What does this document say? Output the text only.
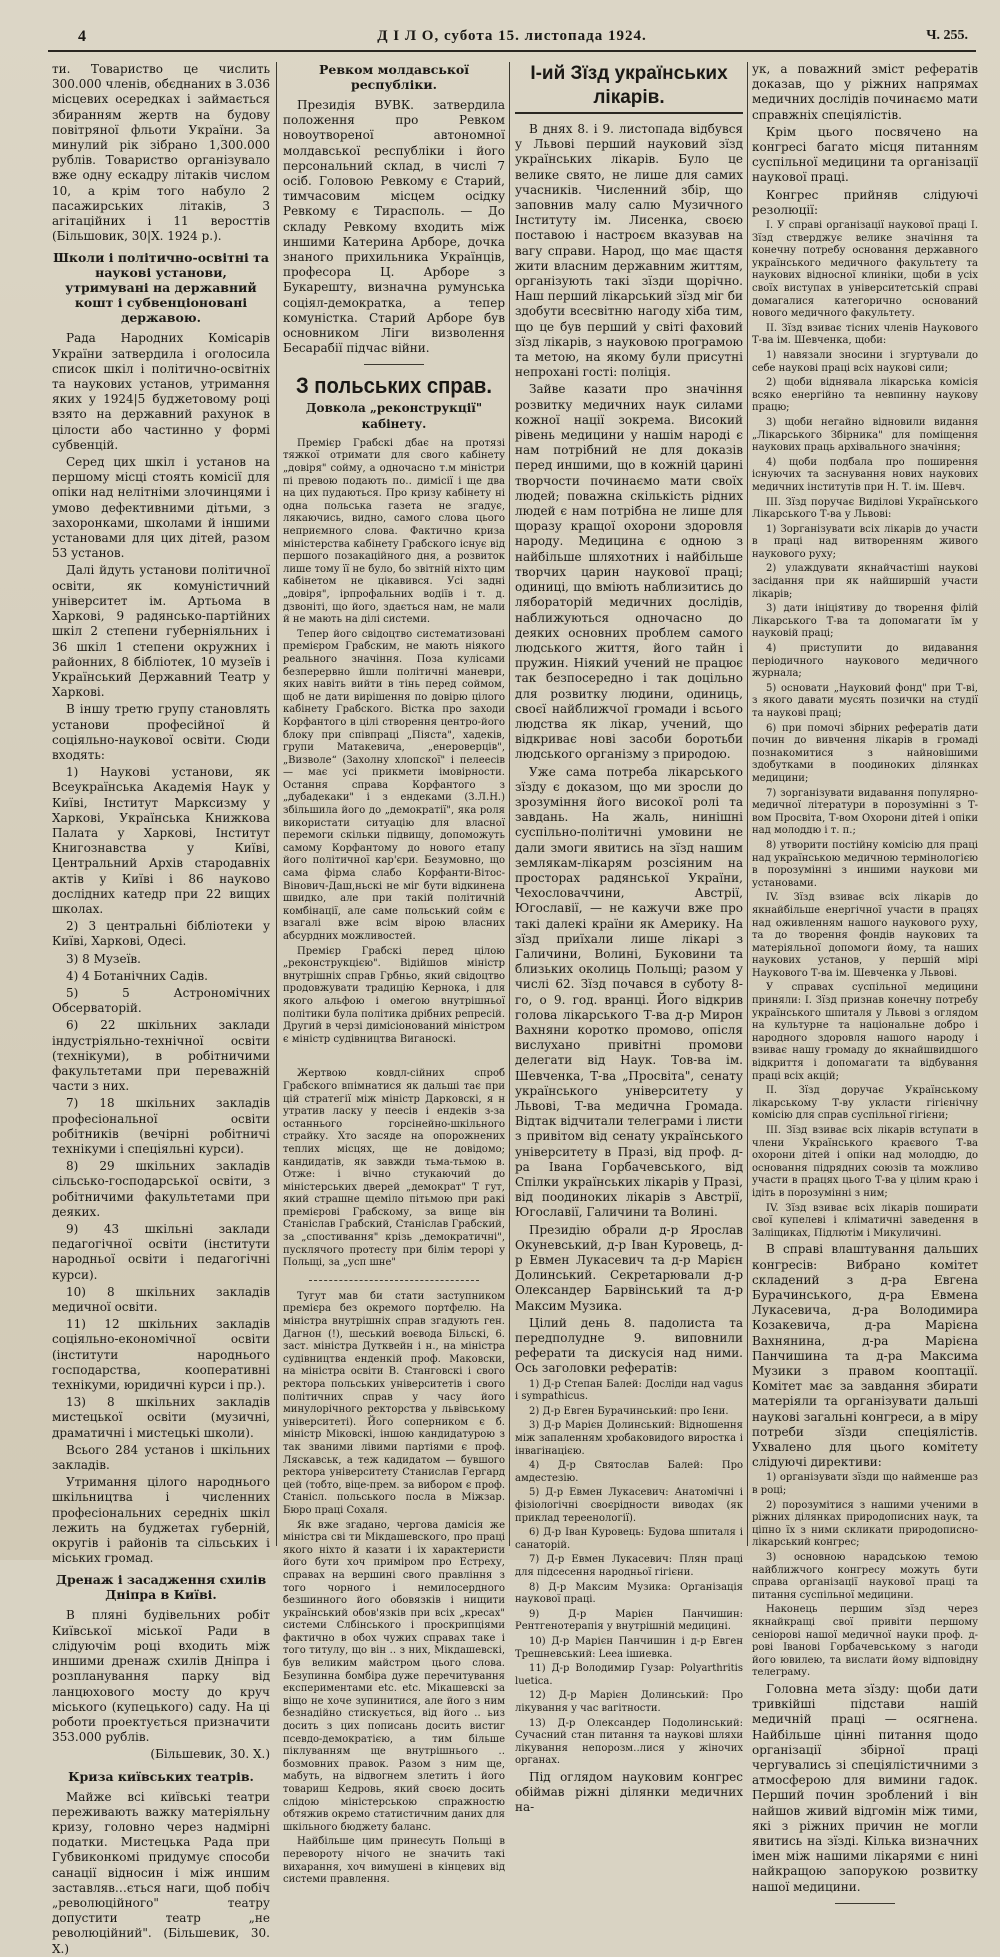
4	Д І Л О, субота 15. листопада 1924.	Ч. 255.

ти. Товариство це числить 300.000 членів, обєднаних в 3.036 місцевих осередках і займається збиранням жертв на будову повітряної фльоти України. За минулий рік зібрано 1,300.000 рублів. Товариство організувало вже одну ескадру літаків числом 10, а крім того набуло 2 пасажирських літаків, 3 агітаційних і 11 веросттів (Більшовик, 30|X. 1924 р.).

Школи і політично-освітні та наукові установи, утримувані на державний кошт і субвенціоновані державою.

Рада Народних Комісарів України затвердила і оголосила список шкіл і політично-освітніх та наукових установ, утримання яких у 1924|5 буджетовому році взято на державний рахунок в цілости або частинно у формі субвенцій.

Серед цих шкіл і установ на першому місці стоять комісії для опіки над нелітніми злочинцями і умово дефективними дітьми, з захоронками, школами й іншими установами для цих дітей, разом 53 установ.

Далі йдуть установи політичної освіти, як комуністичний університет ім. Артьома в Харкові, 9 радянсько-партійних шкіл 2 степени губерніяльних і 36 шкіл 1 степени окружних і районних, 8 бібліотек, 10 музеїв і Український Державний Театр у Харкові.

В іншу третю групу становлять установи професійної й соціяльно-наукової освіти. Сюди входять:

1) Наукові установи, як Всеукраїнська Академія Наук у Київі, Інститут Марксизму у Харкові, Українська Книжкова Палата у Харкові, Інститут Книгознавства у Київі, Центральний Архів стародавніх актів у Київі і 86 науково дослідних катедр при 22 вищих школах.

2) 3 центральні бібліотеки у Київі, Харкові, Одесі.

3) 8 Музеїв.

4) 4 Ботанічних Садів.

5) 5 Астрономічних Обсерваторій.

6) 22 шкільних заклади індустріяльно-технічної освіти (технікуми), в робітничими факультетами при переважній части з них.

7) 18 шкільних закладів професіональної освіти робітників (вечірні робітничі технікуми і спеціяльні курси).

8) 29 шкільних закладів сільсько-господарської освіти, з робітничими факультетами при деяких.

9) 43 шкільні заклади педагогічної освіти (інститути народньої освіти і педагогічні курси).

10) 8 шкільних закладів медичної освіти.

11) 12 шкільних закладів соціяльно-економічної освіти (інститути народнього господарства, кооперативні технікуми, юридичні курси і пр.).

13) 8 шкільних закладів мистецької освіти (музичні, драматичні і мистецькі школи).

Всього 284 установ і шкільних закладів.

Утримання цілого народнього шкільництва і численних професіональних середніх шкіл лежить на буджетах губерній, округів і районів та сільських і міських громад.

Дренаж і засадження схилів Дніпра в Київі.

В пляні будівельних робіт Київської міської Ради в слідуючім році входить між иншими дренаж схилів Дніпра і розпланування парку від ланцюхового мосту до круч міського (купецького) саду. На ці роботи проектується призначити 353.000 рублів.

(Більшевик, 30. X.)

Криза київських театрів.

Майже всі київські театри переживають важку матеріяльну кризу, головно через надмірні податки. Мистецька Рада при Губвиконкомі придумує способи санації відносин і між иншим заставляв…ється наги, щоб побіч „революційного" театру допустити театр „не революційний". (Більшевик, 30. X.)

Ревком молдавської республіки.

Президія ВУВК. затвердила положення про Ревком новоутвореної автономної молдавської республіки і його персональний склад, в числі 7 осіб. Головою Ревкому є Старий, тимчасовим місцем осідку Ревкому є Тирасполь. — До складу Ревкому входить між иншими Катерина Арборе, дочка знаного прихильника Українців, професора Ц. Арборе з Букарешту, визначна румунська соціял-демократка, а тепер комуністка. Старий Арборе був основником Ліги визволення Бесарабії підчас війни.

З польських справ.
Довкола „реконструкції" кабінету.

Премієр Грабскі дбає на протязі тяжкої отримати для свого кабінету „довіря" сойму, а одночасно т.м міністри пі превою подають по‥ димісії і ще два на цих пудаються. Про кризу кабінету ні одна польська газета не згадує, лякаючись, видно, самого слова цього неприємного слова. Фактично криза міністерства кабінету Грабского існує від першого позакаційного дня, а розвиток лише тому її не було, бо звітній ніхто цим кабінетом не цікавився. Усі задні „довіря", ірпрофальних водіїв і т. д. дзвоніті, що його, здається нам, не мали й не мають на ділі системи.

Тепер його свідоцтво систематизовані премієром Грабским, не мають ніякого реального значіння. Поза кулісами безперервно йшли політичні маневри, яких навіть вийти в тінь перед соймом, щоб не дати вирішення по довірю цілого кабінету Грабского. Вістка про заходи Корфантого в цілі створення центро-його блоку при співпраці „Піяста", хадеків, групи Матакевича, „енероверців", „Визволе“ (Захолну хлопскої" і пелеесів — має усі прикмети імовірности. Остання справа Корфантого з „дубадекаки" і з ендеками (З.Л.Н.) збільшила його до „демократії", яка роля використати ситуацію для власної перемоги скільки підвищу, допоможуть самому Корфантому до нового етапу його політичної кар'єри. Безумовно, що сама фірма слабо Корфанти-Вітос-Вінович-Даш,ньскі не міг бути відкинена швидко, але при такій політичній комбінації, але саме польський сойм є взагалі вже всім вірою власних абсурдних можливостей.

Премієр Грабскі перед цілою „реконструкцією". Відійшов міністр внутрішніх справ Грбньо, який свідоцтво продовжувати традицію Кернока, і для якого альфою і омегою внутрішньої політики була політика дрібних репресій. Другий в черзі димісіонований міністром є міністр судівництва Виганоскі.

Жертвою ковдл-сійних спроб Грабского впімнатися як дальші тає при цій стратегії між міністр Дарковскі, я н утратив ласку у пеесів і ендеків з-за останнього горсінейно-шкільного страйку. Хто засяде на опорожнених теплих місцях, ще не довідомо; кандидатів, як завжди тьма-тьмою в. Отже: і вічно стукаючий до міністерських дверей „демократ" Т гут, який страшне щеміло пітьмою при ракі премієрові Грабскому, за вище він Станіслав Грабский, Станіслав Грабский, за „спостивання" крізь „демократичні", пусклячого протесту при білім терорі у Польщі, за „усп шне"

Тугут мав би стати заступником премієра без окремого портфелю. На міністра внутрішніх справ згадують ген. Дагнон (!), шеський воєвода Більскі, 6. заст. міністра Дутквейн і н., на міністра судівництва енденкій проф. Маковски, на міністра освіти В. Станговскі і свого ректора польських університетів і свого політичних справ у часу його минулорічного ректорства у львівському університеті). Його соперником є б. міністр Міковскі, іншою кандидатурою з так званими лівими партіями є проф. Ляскавськ, а теж кадидатом — бувшого ректора університету Станислав Гергард цей (тобто, віце-прем. за вибором є проф. Станісл. польського посла в Міжзар. Бюро праці Сохаля.

Як вже згадано, чергова дамісія же міністра сві ти Мікдашевского, про праці якого ніхто й казати і іх характеристи його бути хоч приміром про Естреху, справах на вершині свого правління з того чорного і немилосердного безшинного його обовязків і нищити український обов'язків при всіх „кресах" системи Слбінського і проскрипціями фактично в обох чужих справах таке і того титулу, що він ‥ з них, Мікдашевскі, був великим майстром цього слова. Безупинна бомбіра дуже перечитування експериментами etc. etc. Мікашевскі за віщо не хоче зупинитися, але його з ним безнадійно стискується, від його ‥ ьиз досить з цих пописань досить вистиг псевдо-демократією, а тим більше піклуванням ще внутрішнього ‥ бозмовних правок. Разом з ним ще, мабуть, на відвогнем злетить і його товариш Кедровь, який своєю досить слідою міністерською спражностю обтяжив окремо статистичним даних для шкільного бюджету баланс.

Найбільше цим принесуть Польщі в перевороту нічого не значить такі вихарання, хоч вимушені в кінцевих від системи правлення.

І-ий Зїзд українських лікарів.

В днях 8. і 9. листопада відбувся у Львові перший науковий зїзд українських лікарів. Було це велике свято, не лише для самих учасників. Численний збір, що заповнив малу салю Музичного Інституту ім. Лисенка, своєю поставою і настроєм вказував на вагу справи. Народ, що має щастя жити власним державним життям, організують такі зїзди щорічно. Наш перший лікарський зїзд міг би здобути всесвітню нагоду хіба тим, що це був перший у світі фаховий зїзд лікарів, з науковою програмою та метою, на якому були присутні непрохані гості: поліція.

Зайве казати про значіння розвитку медичних наук силами кожної нації зокрема. Високий рівень медицини у нашім народі є нам потрібний не для доказів перед иншими, що в кожній царині творчости починаємо мати своїх людей; поважна скількість рідних людей є нам потрібна не лише для щоразу кращої охорони здоровля народу. Медицина є одною з найбільше шляхотних і найбільше творчих царин наукової праці; одиниці, що вміють наблизитись до лябораторій медичних дослідів, наближуються одночасно до деяких основних проблем самого людського життя, його тайн і пружин. Ніякий учений не працює так безпосередно і так доцільно для розвитку людини, одиниць, своєї найближчої громади і всього людства як лікар, учений, що відкриває нові засоби боротьби людського організму з природою.

Уже сама потреба лікарського зїзду є доказом, що ми зросли до зрозуміння його високої ролі та завдань. На жаль, нинішні суспільно-політичні умовини не дали змоги явитись на зїзд нашим землякам-лікарям розсіяним на просторах радянської України, Чехословаччини, Австрії, Югославії, — не кажучи вже про такі далекі країни як Америку. На зїзд приїхали лише лікарі з Галичини, Волині, Буковини та близьких околиць Польщі; разом у числі 62. Зїзд почався в суботу 8-го, о 9. год. вранці. Його відкрив голова лікарського Т-ва д-р Мирон Вахняни коротко промово, опісля вислухано привітні промови делегати від Наук. Тов-ва ім. Шевченка, Т-ва „Просвіта", сенату українського університету у Львові, Т-ва медична Громада. Відтак відчитали телеграми і листи з привітом від сенату українського університету в Празі, від проф. д-ра Івана Горбачевського, від Спілки українських лікарів у Празі, від поодиноких лікарів з Австрії, Югославії, Галичини та Волині.

Президію обрали д-р Ярослав Окуневський, д-р Іван Куровець, д-р Евмен Лукасевич та д-р Марієн Долинський. Секретарювали д-р Олександер Барвінський та д-р Максим Музика.

Цілий день 8. падолиста та передполудне 9. виповнили реферати та дискусія над ними. Ось заголовки рефератів:

1) Д-р Степан Балей: Досліди над vagus і sympathicus.

2) Д-р Евген Бурачинський: про Ієни.

3) Д-р Марієн Долинський: Відношення між запаленням хробаковидого виростка і інвагінацією.

4) Д-р Святослав Балей: Про амдестезію.

5) Д-р Евмен Лукасевич: Анатомічні і фізіологічні своєрідности виводах (як приклад тереенології).

6) Д-р Іван Куровець: Будова шпиталя і санаторій.

7) Д-р Евмен Лукасевич: Плян праці для підсесення народньої гігієни.

8) Д-р Максим Музика: Організація наукової праці.

9) Д-р Марієн Панчишин: Рентгенотерапія у внутрішній медицині.

10) Д-р Марієн Панчишин і д-р Евген Трешневський: Leea ішиевка.

11) Д-р Володимир Гузар: Polyarthritis luetica.

12) Д-р Марієн Долинський: Про лікування у час вагітности.

13) Д-р Олександер Подолинський: Сучасний стан питання та наукові шляхи лікування непорозм‥лися у жіночих органах.

Під оглядом науковим конгрес обіймав ріжні ділянки медичних на-

ук, а поважний зміст рефератів доказав, що у ріжних напрямах медичних дослідів починаємо мати справжніх спеціялістів.

Крім цього посвячено на конгресі багато місця питанням суспільної медицини та організації наукової праці.

Конгрес прийняв слідуючі резолюції:

І. У справі організації наукової праці І. Зїзд стверджує велике значіння та конечну потребу основання державного українського медичного факультету та наукових відносної клиніки, щоби в усіх своїх виступах в університетській справі домагалися категорично оснований нового медичного факультету.

ІІ. Зїзд взиває тісних членів Наукового Т-ва ім. Шевченка, щоби:

1) навязали зносини і згуртували до себе наукові праці всіх наукові сили;

2) щоби віднявала лікарська комісія всяко енергійно та невпинну наукову працю;

3) щоби негайно відновили видання „Лікарського Збірника" для поміщення наукових праць архівального значіння;

4) щоби подбала про поширення існуючих та заснування нових наукових медичних інститутів при Н. Т. ім. Шевч.

ІІІ. Зїзд поручає Виділові Українського Лікарського Т-ва у Львові:

1) Зорганізувати всіх лікарів до участи в праці над витворенням живого наукового руху;

2) улаждувати якнайчастіші наукові засідання при як найширшій участи лікарів;

3) дати ініціятиву до творення філій Лікарського Т-ва та допомагати їм у науковій праці;

4) приступити до видавання періодичного наукового медичного журнала;

5) основати „Науковий фонд" при Т-ві, з якого давати мусять позички на студії та наукові праці;

6) при помочі збірних рефератів дати почин до вивчення лікарів в громаді познакомитися з найновішими здобутками в поодиноких ділянках медицини;

7) зорганізувати видавання популярно-медичної літератури в порозумінні з Т-вом Просвіта, Т-вом Охорони дітей і опіки над молоддю і т. п.;

8) утворити постійну комісію для праці над українською медичною термінологією в порозумінні з иншими наукови ми установами.

IV. Зїзд взиває всіх лікарів до якнайбільше енергічної участи в працях над оживленням нашого наукового руху, та до творення фондів наукових та матеріяльної допомоги йому, та наших наукових установ, у першій мірі Наукового Т-ва ім. Шевченка у Львові.

У справах суспільної медицини приняли: І. Зїзд признав конечну потребу українського шпиталя у Львові з оглядом на культурне та національне добро і народного здоровля нашого народу і взиває нашу громаду до якнайшвидшого відкриття і допомагати та відбування праці всіх акцій;

ІІ. Зїзд доручає Українському лікарському Т-ву укласти гігієнічну комісію для справ суспільної гігієни;

ІІІ. Зїзд взиває всіх лікарів вступати в члени Українського краєвого Т-ва охорони дітей і опіки над молоддю, до основання підрядних союзів та можливо участи в працях цього Т-ва у цілим краю і ідіть в порозумінні з ним;

IV. Зїзд взиває всіх лікарів поширати свої купелеві і кліматичні заведення в Заліщиках, Підлютім і Микуличині.

В справі влаштування дальших конгресів: Вибрано комітет складений з д-ра Евгена Бурачинського, д-ра Евмена Лукасевича, д-ра Володимира Козакевича, д-ра Марієна Вахнянина, д-ра Марієна Панчишина та д-ра Максима Музики з правом кооптації. Комітет має за завдання збирати матеріяли та організувати дальші наукові загальні конгреси, а в міру потреби зїзди спеціялістів. Ухвалено для цього комітету слідуючі директиви:

1) організувати зїзди що найменше раз в році;

2) порозумітися з нашими ученими в ріжних ділянках природописних наук, та ціпно їх з ними скликати природописно-лікарський конгрес;

3) основною нарадською темою найближчого конгресу можуть бути справа організації наукової праці та питання суспільної медицини.

Наконець першим зїзд через якнайкращі свої привіти першому сеніорові нашої медичної науки проф. д-рові Іванові Горбачевському з нагоди його ювилею, та вислати йому відповідну телеграму.

Головна мета зїзду: щоби дати тривкійші підстави нашій медичній праці — осягнена. Найбільше цінні питання щодо організації збірної праці чергувались зі спеціялістичними з атмосферою для вимини гадок. Перший почин зроблений і він найшов живий відгомін між тими, які з ріжних причин не могли явитись на зїзді. Кілька визначних імен між нашими лікарями є нині найкращою запорукою розвитку нашої медицини.
